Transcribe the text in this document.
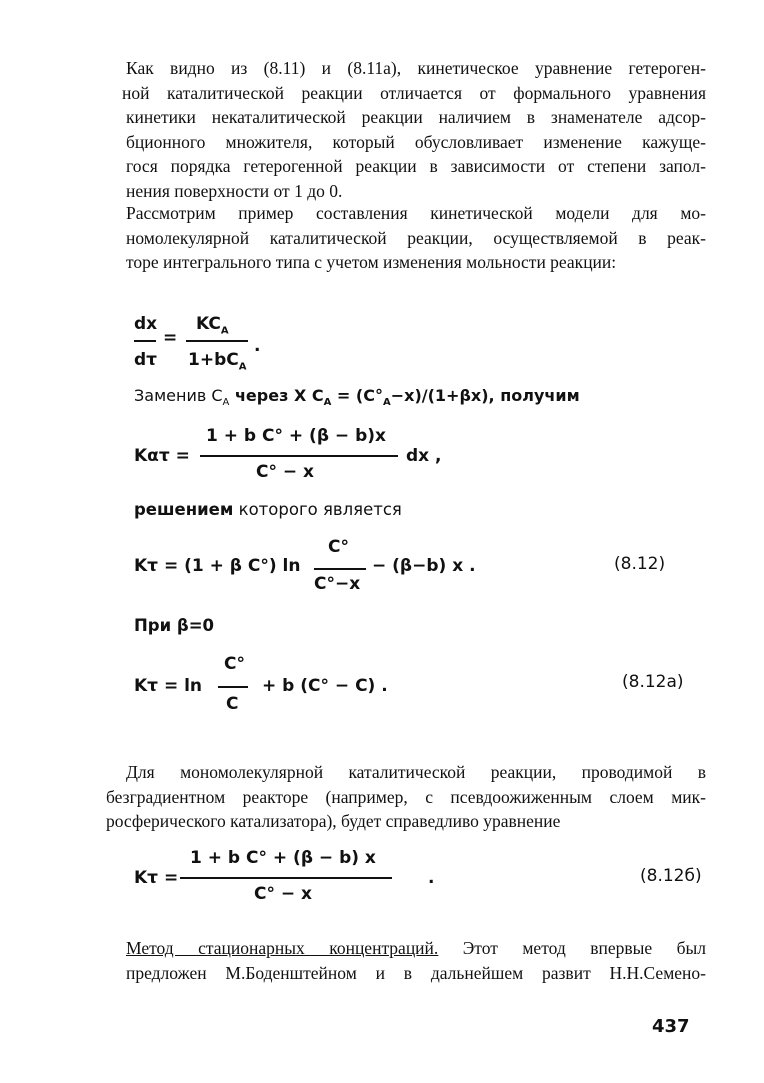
Как видно из (8.11) и (8.11а), кинетическое уравнение гетероген-
ной каталитической реакции отличается от формального уравнения
кинетики некаталитической реакции наличием в знаменателе адсор-
бционного множителя, который обусловливает изменение кажуще-
гося порядка гетерогенной реакции в зависимости от степени запол-
нения поверхности от 1 до 0.
Рассмотрим пример составления кинетической модели для мо-
номолекулярной каталитической реакции, осуществляемой в реак-
торе интегрального типа с учетом изменения мольности реакции:
dx
dτ
=
$KC_A$
$1+bC_A$
.
Заменив $C_A$ через X $C_A = (C^\circ_A-x)/(1+\beta x)$, получим
Kατ =
1 + b C° + (β − b)x
C° − x
dx ,
решением которого является
Kτ = (1 + β C°) ln
C°
C°−x
− (β−b) x .	(8.12)
При β=0
Kτ = ln
C°
C
+ b (C° − C) .	(8.12а)
Для мономолекулярной каталитической реакции, проводимой в
безградиентном реакторе (например, с псевдоожиженным слоем мик-
росферического катализатора), будет справедливо уравнение
Kτ =
1 + b C° + (β − b) x
C° − x
.	(8.12б)
Метод стационарных концентраций. Этот метод впервые был
предложен М.Боденштейном и в дальнейшем развит Н.Н.Семено-
437
